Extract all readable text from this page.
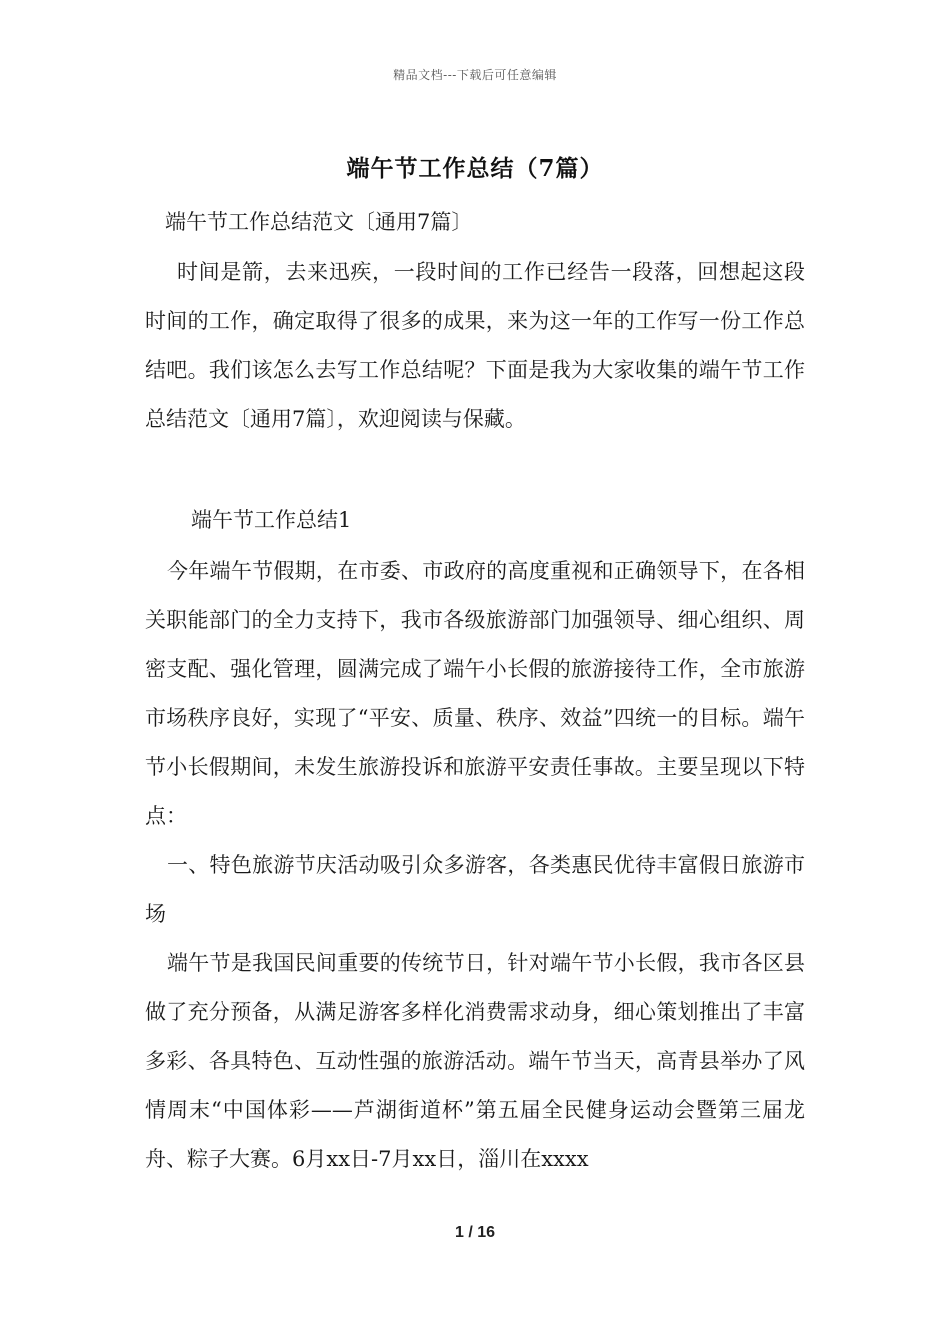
精品文档---下载后可任意编辑
端午节工作总结（7篇）

端午节工作总结范文〔通用7篇〕

时间是箭，去来迅疾，一段时间的工作已经告一段落，回想起这段时间的工作，确定取得了很多的成果，来为这一年的工作写一份工作总结吧。我们该怎么去写工作总结呢？下面是我为大家收集的端午节工作总结范文〔通用7篇〕，欢迎阅读与保藏。

端午节工作总结1

今年端午节假期，在市委、市政府的高度重视和正确领导下，在各相关职能部门的全力支持下，我市各级旅游部门加强领导、细心组织、周密支配、强化管理，圆满完成了端午小长假的旅游接待工作，全市旅游市场秩序良好，实现了“平安、质量、秩序、效益”四统一的目标。端午节小长假期间，未发生旅游投诉和旅游平安责任事故。主要呈现以下特点：

一、特色旅游节庆活动吸引众多游客，各类惠民优待丰富假日旅游市场

端午节是我国民间重要的传统节日，针对端午节小长假，我市各区县做了充分预备，从满足游客多样化消费需求动身，细心策划推出了丰富多彩、各具特色、互动性强的旅游活动。端午节当天，高青县举办了风情周末“中国体彩——芦湖街道杯”第五届全民健身运动会暨第三届龙舟、粽子大赛。6月xx日-7月xx日，淄川在xxxx

1 / 16
